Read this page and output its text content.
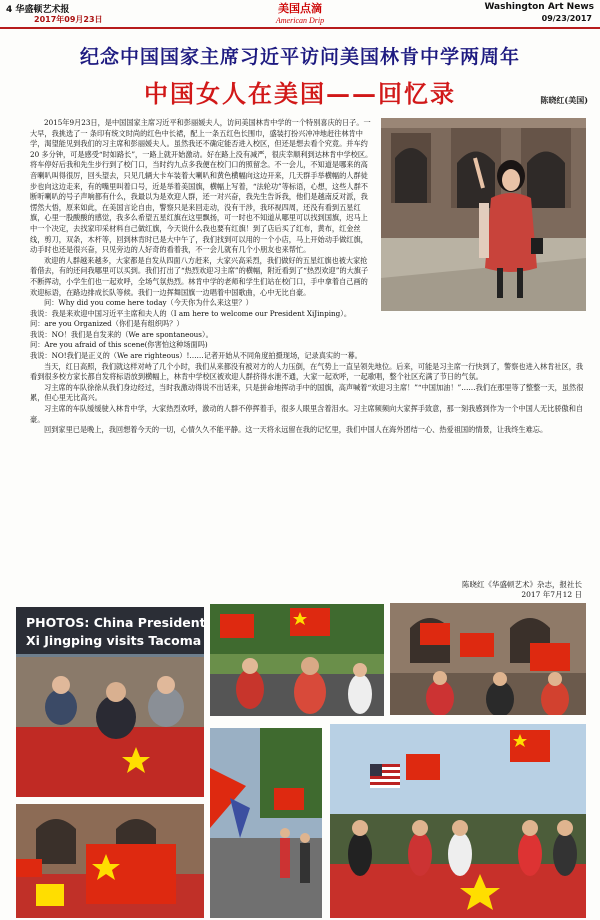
4 华盛顿艺术报
2017年09月23日
美国点滴
American Drip
Washington Art News
09/23/2017
纪念中国国家主席习近平访问美国林肯中学两周年
中国女人在美国——回忆录	陈晓红(美国)

2015年9月23日，是中国国家主席习近平和彭丽媛夫人，访问美国林肯中学的一个特别喜庆的日子。一大早，我挑选了一 条印有统文时尚的红色中长裙，配上一条五红色长围巾，盛装打扮兴冲冲地赶往林肯中学，渴望能见到我们的习主席和彭丽媛夫人。虽然我还不确定能否进入校区，但还是想去看个究竟。并车约20 多分钟，可是感受“时如路长”，一路上就开始激动。好在路上没有减严，很庆幸顺利到达林肯中学校区。将车停好后我和先生步行到了校门口，当时约九点多我便在校门口的照留念。不一会儿，不知道是哪来的高音喇叭叫得很厉，回头望去，只见几辆大卡车装着大喇叭和黄色横幅向这边开来，几天群手举横幅的人群徒步也向这边走来，有的嘴里叫着口号，近是举着美国旗，横幅上写着，“法轮功”等标语，心想，这些人群不断听喇叭的号子声响都有什么，我最以为是欢迎人群，还一对兴奋，我先生告诉我，他们是越南反对派，我愣然大悟，原来如此，在美国言论自由，警察只是来回走动，没有干涉，我环视四周，还没有看到五星红旗，心里一股酸酸的感觉，我多么希望五星红旗在这里飘扬，可一时也不知道从哪里可以找到国旗，迟马上中一个决定，去找家印采材料自己做红旗，今天说什么我也要有红旗！到了店后买了红布，黄布，红金丝线，剪刀，双条，木杆等，回到林肯时已是大中午了，我们找到可以用的一个小店，马上开始动手做红旗，动手时也还是很兴奋，只见旁边的人好奇的看着我，不一会儿就有几个小朋友也来帮忙。

欢迎的人群越来越多，大家都是自发从四面八方赶来，大家兴高采烈，我们做好的五星红旗也被大家抢着借去，有的还问我哪里可以买到。我们打出了“热烈欢迎习主席”的横幅，附近看到了“热烈欢迎”的大旗子不断挥动，小学生们也一起欢呼，全场气氛热烈。林肯中学的老师和学生们站在校门口，手中拿着自己画的欢迎标语，在路边排成长队等候。我们一边挥舞国旗一边唱着中国歌曲，心中无比自豪。

问：Why did you come here today（今天你为什么来这里？）
我说：我是来欢迎中国习近平主席和夫人的（I am here to welcome our President XiJinping）。
问：are you Organized（你们是有组织吗？）
我说：NO！我们是自发来的（We are spontaneous）。
问：Are you afraid of this scene(你害怕这种场面吗)
我说：NO!我们是正义的（We are righteous）!……记者开始从不同角度拍摄现场，记录真实的一幕。

当天，红日高照，我们就这样对峙了几个小时，我们从来都没有被对方的人力压倒，在气势上一直呈领先地位。后来，可能是习主席一行快到了，警察也进入林肯社区，我看到很多校方家长都自发将标语放到横幅上，林肯中学校区被欢迎人群挤得水泄不通，大家一起欢呼，一起歌唱，整个社区充满了节日的气氛。

习主席的车队徐徐从我们身边经过，当时我激动得说不出话来，只是拼命地挥动手中的国旗，高声喊着“欢迎习主席！”“中国加油！”……我们在那里等了整整一天，虽然很累，但心里无比高兴。

习主席的车队缓缓驶入林肯中学，大家热烈欢呼，激动的人群不停挥着手，很多人眼里含着泪水。习主席频频向大家挥手致意，那一刻我感到作为一个中国人无比骄傲和自豪。

回到家里已是晚上，我回想着今天的一切，心情久久不能平静。这一天将永远留在我的记忆里，我们中国人在海外团结一心、热爱祖国的情景，让我终生难忘。

陈晓红《华盛顿艺术》杂志，报社长
2017 年7月12 日
PHOTOS: China President Xi Jingping visits Tacoma
